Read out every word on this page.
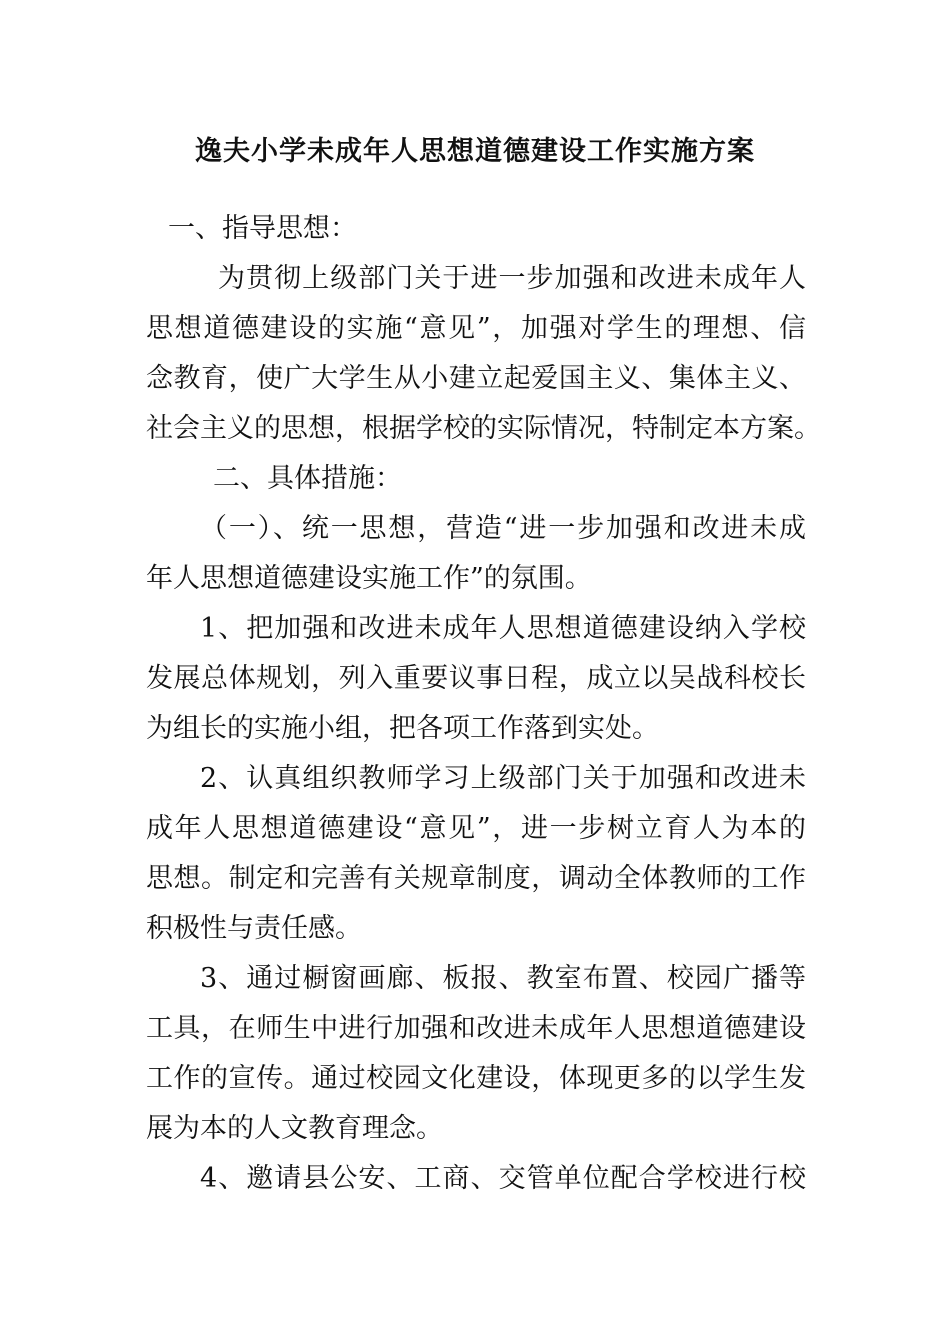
逸夫小学未成年人思想道德建设工作实施方案
一、指导思想：
为贯彻上级部门关于进一步加强和改进未成年人
思想道德建设的实施“意见”，加强对学生的理想、信
念教育，使广大学生从小建立起爱国主义、集体主义、
社会主义的思想，根据学校的实际情况，特制定本方案。
二、具体措施：
（一）、统一思想，营造“进一步加强和改进未成
年人思想道德建设实施工作”的氛围。
1、把加强和改进未成年人思想道德建设纳入学校
发展总体规划，列入重要议事日程，成立以吴战科校长
为组长的实施小组，把各项工作落到实处。
2、认真组织教师学习上级部门关于加强和改进未
成年人思想道德建设“意见”，进一步树立育人为本的
思想。制定和完善有关规章制度，调动全体教师的工作
积极性与责任感。
3、通过橱窗画廊、板报、教室布置、校园广播等
工具，在师生中进行加强和改进未成年人思想道德建设
工作的宣传。通过校园文化建设，体现更多的以学生发
展为本的人文教育理念。
4、邀请县公安、工商、交管单位配合学校进行校
